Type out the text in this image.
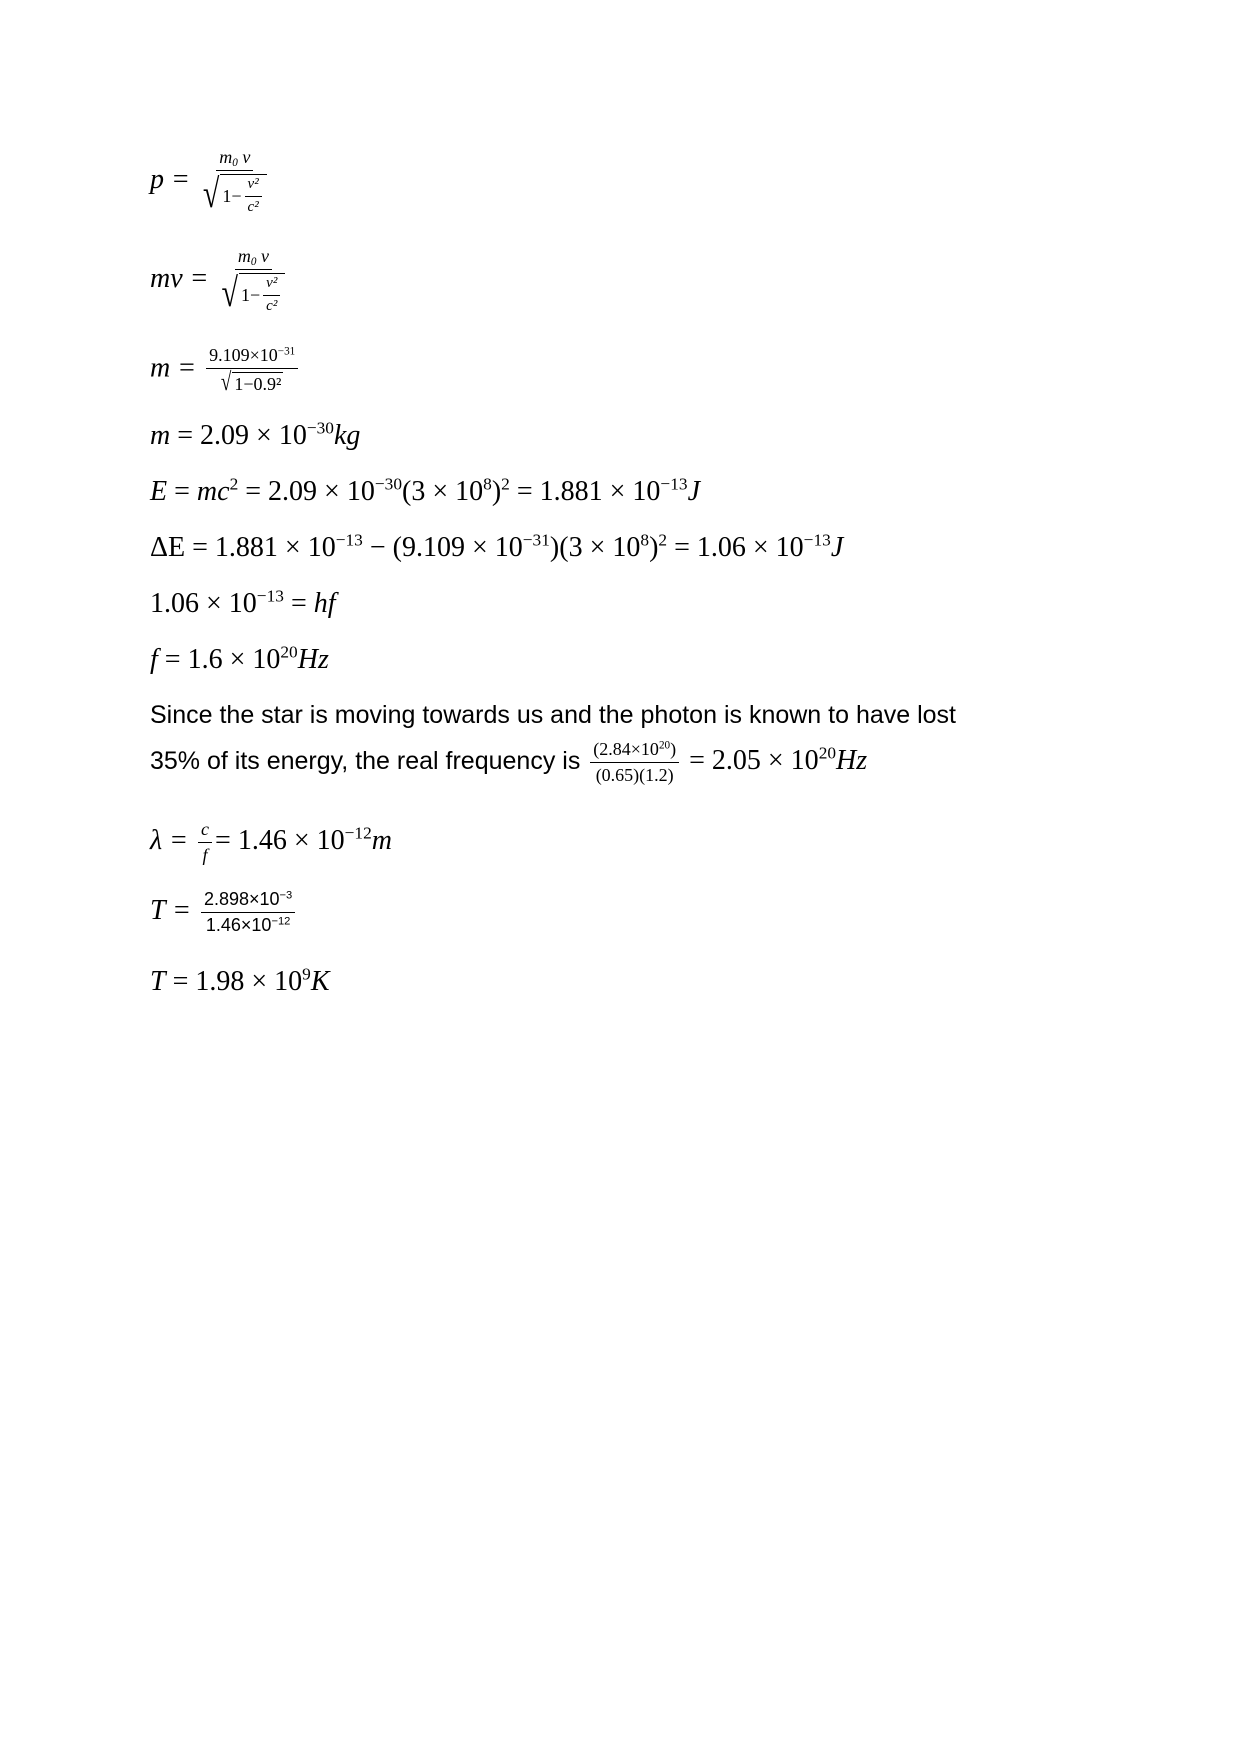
$p = \frac{m_0 v}{√ 1- \frac{\text{v²}}{\text{c²}}}$
mv = $\frac{m_0 v}{√ 1- \frac{\text{v²}}{\text{c²}}}$
$m = \frac{9.109\times 10^{-31}}{\text{√ 1−0.9²}}$
$m = 2.09 \times 10^{-30}kg$
$E = mc^2 = 2.09 \times 10^{-30}(3 \times 10^8)^2 = 1.881 \times 10^{-13}J$
$\Delta E = 1.881 \times 10^{-13} - (9.109 \times 10^{-31})(3 \times 10^8)^2 = 1.06 \times 10^{-13}J$
$1.06 \times 10^{-13}$ = hf
$f = 1.6 \times 10^{20}Hz$
Since the star is moving towards us and the photon is known to have lost
35% of its energy, the real frequency is $\frac{(2.84\times 10^{20})}{(0.65)(1.2)} = 2.05 \times 10^{20}Hz$
$\lambda = \frac{c}{f} = 1.46 \times 10^{-12}m$
$T = \frac{2.898\times 10^{-3}}{1.46\times 10^{-12}}$
$T = 1.98 \times 10^9K$
